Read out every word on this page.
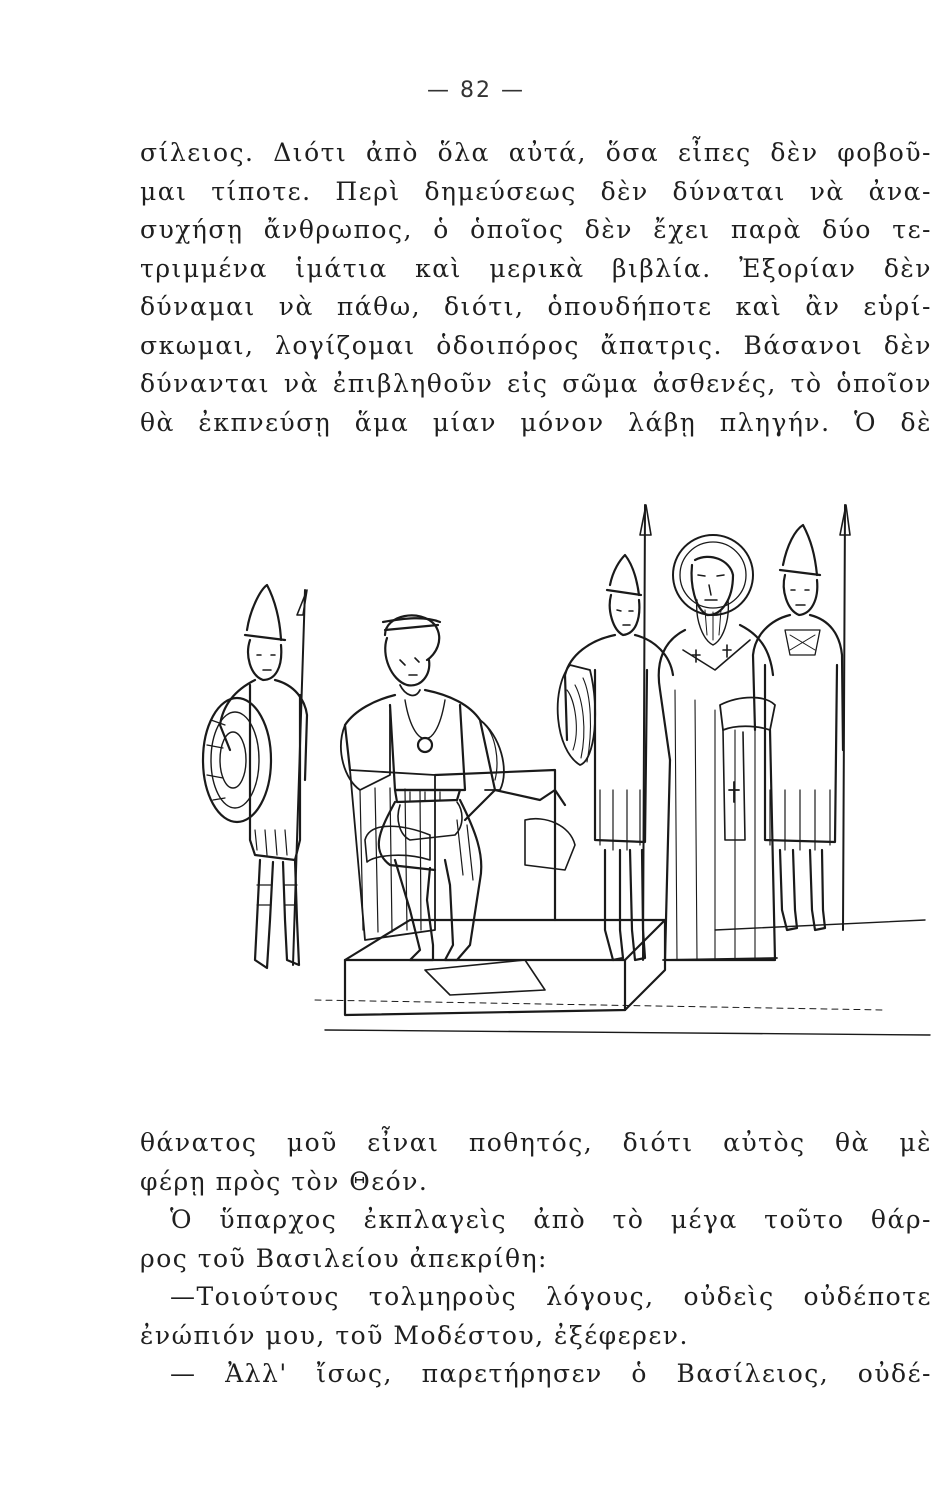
— 82 —
σίλειος. Διότι ἀπὸ ὅλα αὐτά, ὅσα εἶπες δὲν φοβοῦ-
μαι τίποτε. Περὶ δημεύσεως δὲν δύναται νὰ ἀνα-
συχήσῃ ἄνθρωπος, ὁ ὁποῖος δὲν ἔχει παρὰ δύο τε-
τριμμένα ἱμάτια καὶ μερικὰ βιβλία. Ἐξορίαν δὲν
δύναμαι νὰ πάθω, διότι, ὁπουδήποτε καὶ ἂν εὑρί-
σκωμαι, λογίζομαι ὁδοιπόρος ἄπατρις. Βάσανοι δὲν
δύνανται νὰ ἐπιβληθοῦν εἰς σῶμα ἀσθενές, τὸ ὁποῖον
θὰ ἐκπνεύσῃ ἅμα μίαν μόνον λάβῃ πληγήν. Ὁ δὲ
θάνατος μοῦ εἶναι ποθητός, διότι αὐτὸς θὰ μὲ
φέρῃ πρὸς τὸν Θεόν.
Ὁ ὕπαρχος ἐκπλαγεὶς ἀπὸ τὸ μέγα τοῦτο θάρ-
ρος τοῦ Βασιλείου ἀπεκρίθη:
—Τοιούτους τολμηροὺς λόγους, οὐδεὶς οὐδέποτε
ἐνώπιόν μου, τοῦ Μοδέστου, ἐξέφερεν.
— Ἀλλ' ἴσως, παρετήρησεν ὁ Βασίλειος, οὐδέ-
